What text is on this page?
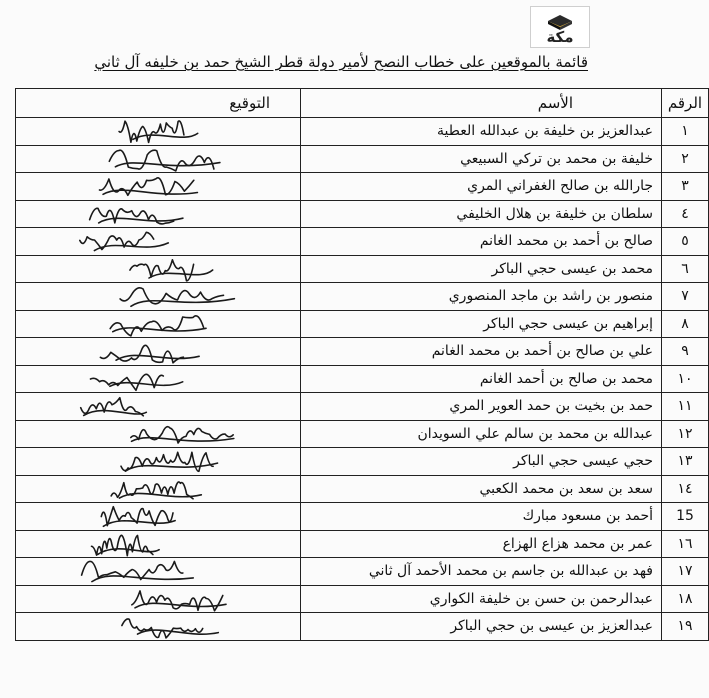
مكة
قائمة بالموقعين على خطاب النصح لأمير دولة قطر الشيخ حمد بن خليفه آل ثاني
الرقم	الأسم	التوقيع
١	عبدالعزيز بن خليفة بن عبدالله العطية	

٢	خليفة بن محمد بن تركي السبيعي	

٣	جارالله بن صالح الغفراني المري	

٤	سلطان بن خليفة بن هلال الخليفي	

٥	صالح بن أحمد بن محمد الغانم	

٦	محمد بن عيسى حجي الباكر	

٧	منصور بن راشد بن ماجد المنصوري	

٨	إبراهيم بن عيسى حجي الباكر	

٩	علي بن صالح بن أحمد بن محمد الغانم	

١٠	محمد بن صالح بن أحمد الغانم	

١١	حمد بن بخيت بن حمد العوير المري	

١٢	عبدالله بن محمد بن سالم علي السويدان	

١٣	حجي عيسى حجي الباكر	

١٤	سعد بن سعد بن محمد الكعبي	

15	أحمد بن مسعود مبارك	

١٦	عمر بن محمد هزاع الهزاع	

١٧	فهد بن عبدالله بن جاسم بن محمد الأحمد آل ثاني	

١٨	عبدالرحمن بن حسن بن خليفة الكواري	

١٩	عبدالعزيز بن عيسى بن حجي الباكر	
